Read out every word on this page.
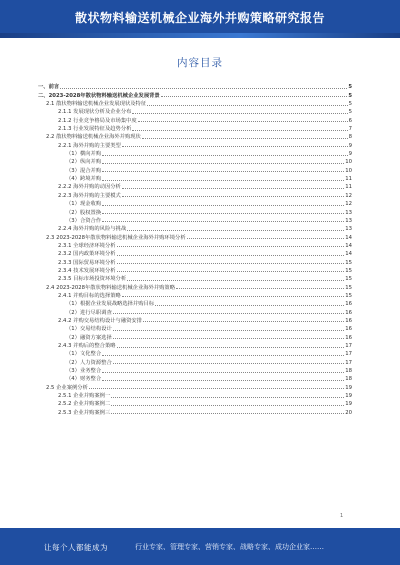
散状物料输送机械企业海外并购策略研究报告
内容目录
一、前言	5
二、2023-2028年散状物料输送机械企业发展背景	5
2.1 散状物料输送机械企业发展现状及特征	5
2.1.1 发展现状分析及企业分布	5
2.1.2 行业竞争格局及市场集中度	6
2.1.3 行业发展特征及趋势分析	7
2.2 散状物料输送机械企业海外并购现状	8
2.2.1 海外并购的主要类型	9
（1）横向并购	9
（2）纵向并购	10
（3）混合并购	10
（4）跨境并购	11
2.2.2 海外并购的动因分析	11
2.2.3 海外并购的主要模式	12
（1）现金收购	12
（2）股权置换	13
（3）合资合作	13
2.2.4 海外并购的风险与挑战	13
2.3 2023-2028年散状物料输送机械企业海外并购环境分析	14
2.3.1 全球经济环境分析	14
2.3.2 国内政策环境分析	14
2.3.3 国际贸易环境分析	15
2.3.4 技术发展环境分析	15
2.3.5 目标市场投资环境分析	15
2.4 2023-2028年散状物料输送机械企业海外并购策略	15
2.4.1 并购目标的选择策略	15
（1）根据企业发展战略选择并购目标	16
（2）进行尽职调查	16
2.4.2 并购交易结构设计与融资安排	16
（1）交易结构设计	16
（2）融资方案选择	16
2.4.3 并购后的整合策略	17
（1）文化整合	17
（2）人力资源整合	17
（3）业务整合	18
（4）财务整合	18
2.5 企业案例分析	19
2.5.1 企业并购案例一	19
2.5.2 企业并购案例二	19
2.5.3 企业并购案例三	20
1
让每个人都能成为	行业专家、管理专家、营销专家、战略专家、成功企业家……
